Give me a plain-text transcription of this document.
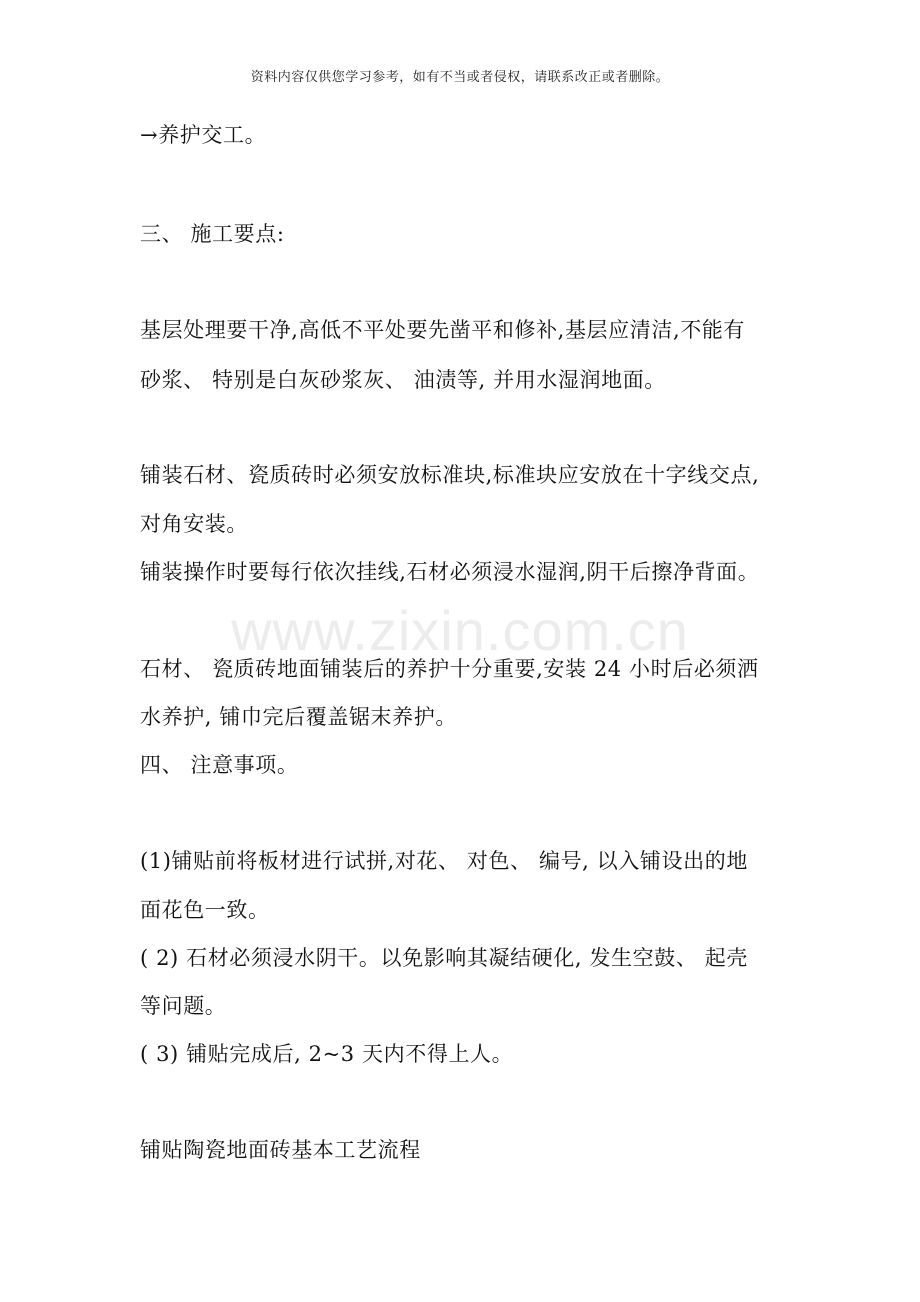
资料内容仅供您学习参考，如有不当或者侵权，请联系改正或者删除。
www.zixin.com.cn
→养护交工。
三、 施工要点:
基层处理要干净,高低不平处要先凿平和修补,基层应清洁,不能有
砂浆、 特别是白灰砂浆灰、 油渍等, 并用水湿润地面。
铺装石材、瓷质砖时必须安放标准块,标准块应安放在十字线交点,
对角安装。
铺装操作时要每行依次挂线,石材必须浸水湿润,阴干后擦净背面。
石材、 瓷质砖地面铺装后的养护十分重要,安装 24 小时后必须洒
水养护, 铺巾完后覆盖锯末养护。
四、 注意事项。
(1)铺贴前将板材进行试拼,对花、 对色、 编号, 以入铺设出的地
面花色一致。
( 2) 石材必须浸水阴干。以免影响其凝结硬化, 发生空鼓、 起壳
等问题。
( 3) 铺贴完成后, 2~3 天内不得上人。
铺贴陶瓷地面砖基本工艺流程
